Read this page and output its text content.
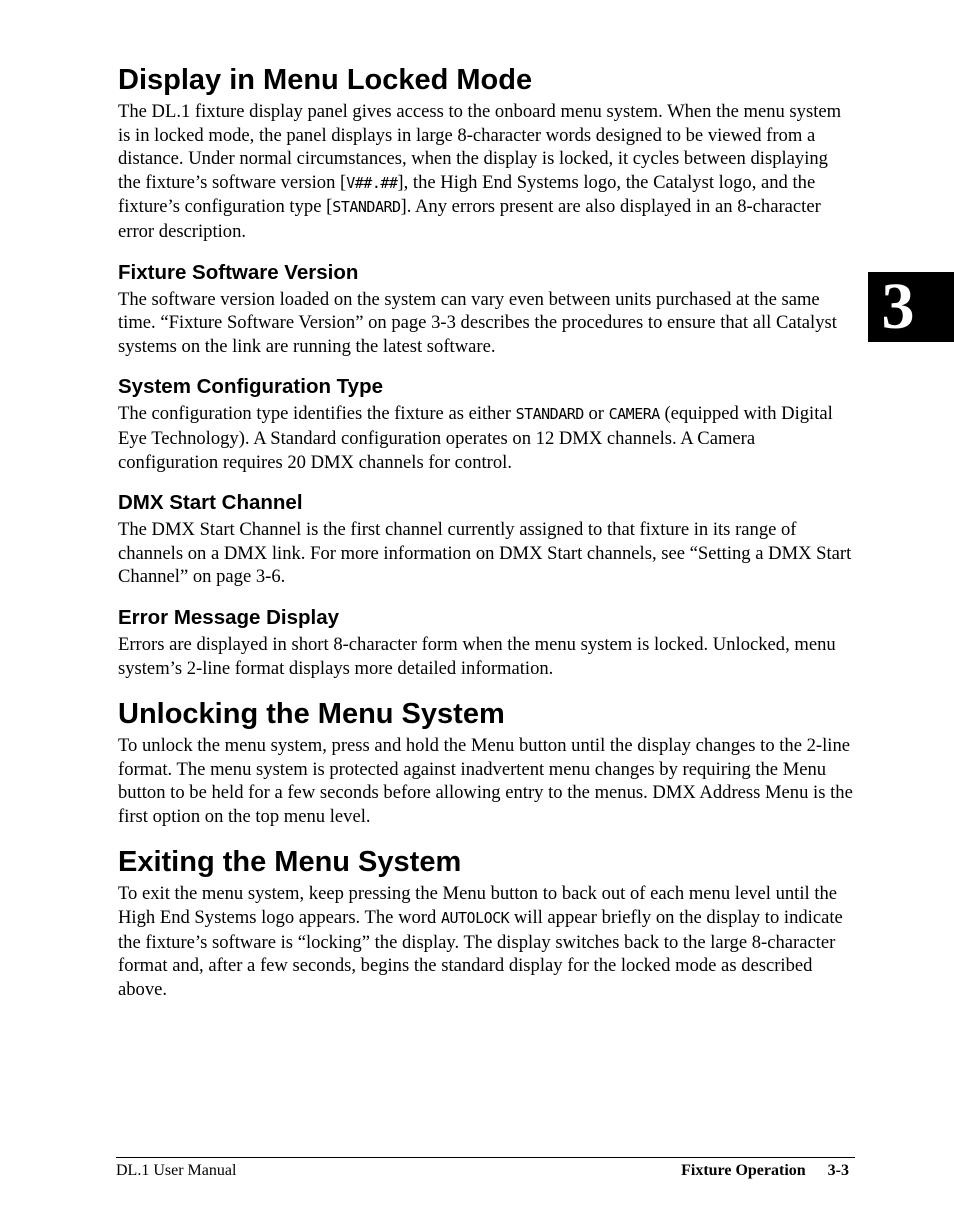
Display in Menu Locked Mode

The DL.1 fixture display panel gives access to the onboard menu system. When the menu system is in locked mode, the panel displays in large 8-character words designed to be viewed from a distance. Under normal circumstances, when the display is locked, it cycles between displaying the fixture’s software version [V##.##], the High End Systems logo, the Catalyst logo, and the fixture’s configuration type [STANDARD]. Any errors present are also displayed in an 8-character error description.

Fixture Software Version

The software version loaded on the system can vary even between units purchased at the same time. “Fixture Software Version” on page 3-3 describes the procedures to ensure that all Catalyst systems on the link are running the latest software.

System Configuration Type

The configuration type identifies the fixture as either STANDARD or CAMERA (equipped with Digital Eye Technology). A Standard configuration operates on 12 DMX channels. A Camera configuration requires 20 DMX channels for control.

DMX Start Channel

The DMX Start Channel is the first channel currently assigned to that fixture in its range of channels on a DMX link. For more information on DMX Start channels, see “Setting a DMX Start Channel” on page 3-6.

Error Message Display

Errors are displayed in short 8-character form when the menu system is locked. Unlocked, menu system’s 2-line format displays more detailed information.

Unlocking the Menu System

To unlock the menu system, press and hold the Menu button until the display changes to the 2-line format. The menu system is protected against inadvertent menu changes by requiring the Menu button to be held for a few seconds before allowing entry to the menus. DMX Address Menu is the first option on the top menu level.

Exiting the Menu System

To exit the menu system, keep pressing the Menu button to back out of each menu level until the High End Systems logo appears. The word AUTOLOCK will appear briefly on the display to indicate the fixture’s software is “locking” the display. The display switches back to the large 8-character format and, after a few seconds, begins the standard display for the locked mode as described above.

3
DL.1 User Manual	Fixture Operation 3-3
